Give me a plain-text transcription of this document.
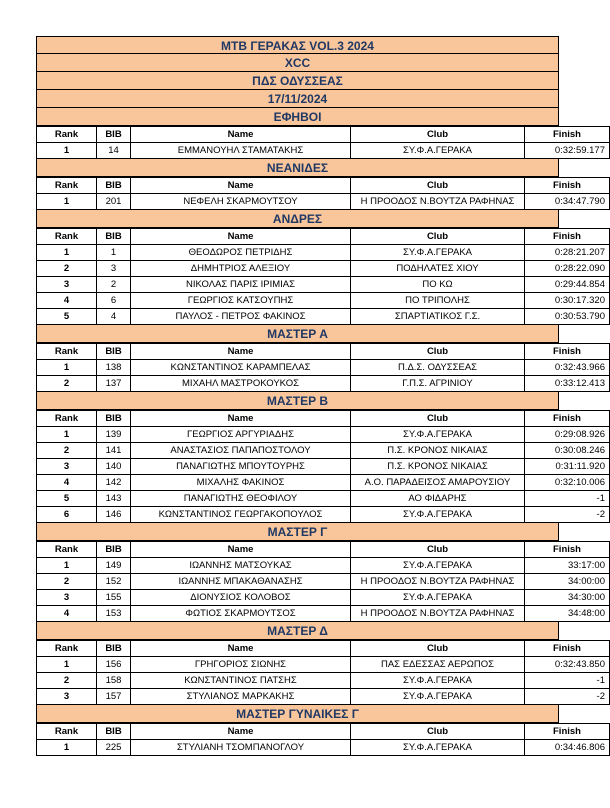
MTB ΓΕΡΑΚΑΣ VOL.3 2024
XCC
ΠΔΣ ΟΔΥΣΣΕΑΣ
17/11/2024
ΕΦΗΒΟΙ
Rank	BIB	Name	Club	Finish
1	14	ΕΜΜΑΝΟΥΗΛ ΣΤΑΜΑΤΑΚΗΣ	ΣΥ.Φ.Α.ΓΕΡΑΚΑ	0:32:59.177
ΝΕΑΝΙΔΕΣ
Rank	BIB	Name	Club	Finish
1	201	ΝΕΦΕΛΗ ΣΚΑΡΜΟΥΤΣΟΥ	Η ΠΡΟΟΔΟΣ Ν.ΒΟΥΤΖΑ ΡΑΦΗΝΑΣ	0:34:47.790
ΑΝΔΡΕΣ
Rank	BIB	Name	Club	Finish
1	1	ΘΕΟΔΩΡΟΣ ΠΕΤΡΙΔΗΣ	ΣΥ.Φ.Α.ΓΕΡΑΚΑ	0:28:21.207
2	3	ΔΗΜΗΤΡΙΟΣ ΑΛΕΞΙΟΥ	ΠΟΔΗΛΑΤΕΣ ΧΙΟΥ	0:28:22.090
3	2	ΝΙΚΟΛΑΣ ΠΑΡΙΣ ΙΡΙΜΙΑΣ	ΠΟ ΚΩ	0:29:44.854
4	6	ΓΕΩΡΓΙΟΣ ΚΑΤΣΟΥΠΗΣ	ΠΟ ΤΡΙΠΟΛΗΣ	0:30:17.320
5	4	ΠΑΥΛΟΣ - ΠΕΤΡΟΣ ΦΑΚΙΝΟΣ	ΣΠΑΡΤΙΑΤΙΚΟΣ Γ.Σ.	0:30:53.790
ΜΑΣΤΕΡ Α
Rank	BIB	Name	Club	Finish
1	138	ΚΩΝΣΤΑΝΤΙΝΟΣ ΚΑΡΑΜΠΕΛΑΣ	Π.Δ.Σ. ΟΔΥΣΣΕΑΣ	0:32:43.966
2	137	ΜΙΧΑΗΛ ΜΑΣΤΡΟΚΟΥΚΟΣ	Γ.Π.Σ. ΑΓΡΙΝΙΟΥ	0:33:12.413
ΜΑΣΤΕΡ Β
Rank	BIB	Name	Club	Finish
1	139	ΓΕΩΡΓΙΟΣ ΑΡΓΥΡΙΑΔΗΣ	ΣΥ.Φ.Α.ΓΕΡΑΚΑ	0:29:08.926
2	141	ΑΝΑΣΤΑΣΙΟΣ ΠΑΠΑΠΟΣΤΟΛΟΥ	Π.Σ. ΚΡΟΝΟΣ ΝΙΚΑΙΑΣ	0:30:08.246
3	140	ΠΑΝΑΓΙΩΤΗΣ ΜΠΟΥΤΟΥΡΗΣ	Π.Σ. ΚΡΟΝΟΣ ΝΙΚΑΙΑΣ	0:31:11.920
4	142	ΜΙΧΑΛΗΣ ΦΑΚΙΝΟΣ	Α.Ο. ΠΑΡΑΔΕΙΣΟΣ ΑΜΑΡΟΥΣΙΟΥ	0:32:10.006
5	143	ΠΑΝΑΓΙΩΤΗΣ ΘΕΟΦΙΛΟΥ	ΑΟ ΦΙΔΑΡΗΣ	-1
6	146	ΚΩΝΣΤΑΝΤΙΝΟΣ ΓΕΩΡΓΑΚΟΠΟΥΛΟΣ	ΣΥ.Φ.Α.ΓΕΡΑΚΑ	-2
ΜΑΣΤΕΡ Γ
Rank	BIB	Name	Club	Finish
1	149	ΙΩΑΝΝΗΣ ΜΑΤΣΟΥΚΑΣ	ΣΥ.Φ.Α.ΓΕΡΑΚΑ	33:17:00
2	152	ΙΩΑΝΝΗΣ ΜΠΑΚΑΘΑΝΑΣΗΣ	Η ΠΡΟΟΔΟΣ Ν.ΒΟΥΤΖΑ ΡΑΦΗΝΑΣ	34:00:00
3	155	ΔΙΟΝΥΣΙΟΣ ΚΟΛΟΒΟΣ	ΣΥ.Φ.Α.ΓΕΡΑΚΑ	34:30:00
4	153	ΦΩΤΙΟΣ ΣΚΑΡΜΟΥΤΣΟΣ	Η ΠΡΟΟΔΟΣ Ν.ΒΟΥΤΖΑ ΡΑΦΗΝΑΣ	34:48:00
ΜΑΣΤΕΡ Δ
Rank	BIB	Name	Club	Finish
1	156	ΓΡΗΓΟΡΙΟΣ ΣΙΩΝΗΣ	ΠΑΣ ΕΔΕΣΣΑΣ ΑΕΡΩΠΟΣ	0:32:43.850
2	158	ΚΩΝΣΤΑΝΤΙΝΟΣ ΠΑΤΣΗΣ	ΣΥ.Φ.Α.ΓΕΡΑΚΑ	-1
3	157	ΣΤΥΛΙΑΝΟΣ ΜΑΡΚΑΚΗΣ	ΣΥ.Φ.Α.ΓΕΡΑΚΑ	-2
ΜΑΣΤΕΡ ΓΥΝΑΙΚΕΣ Γ
Rank	BIB	Name	Club	Finish
1	225	ΣΤΥΛΙΑΝΗ ΤΣΟΜΠΑΝΟΓΛΟΥ	ΣΥ.Φ.Α.ΓΕΡΑΚΑ	0:34:46.806
